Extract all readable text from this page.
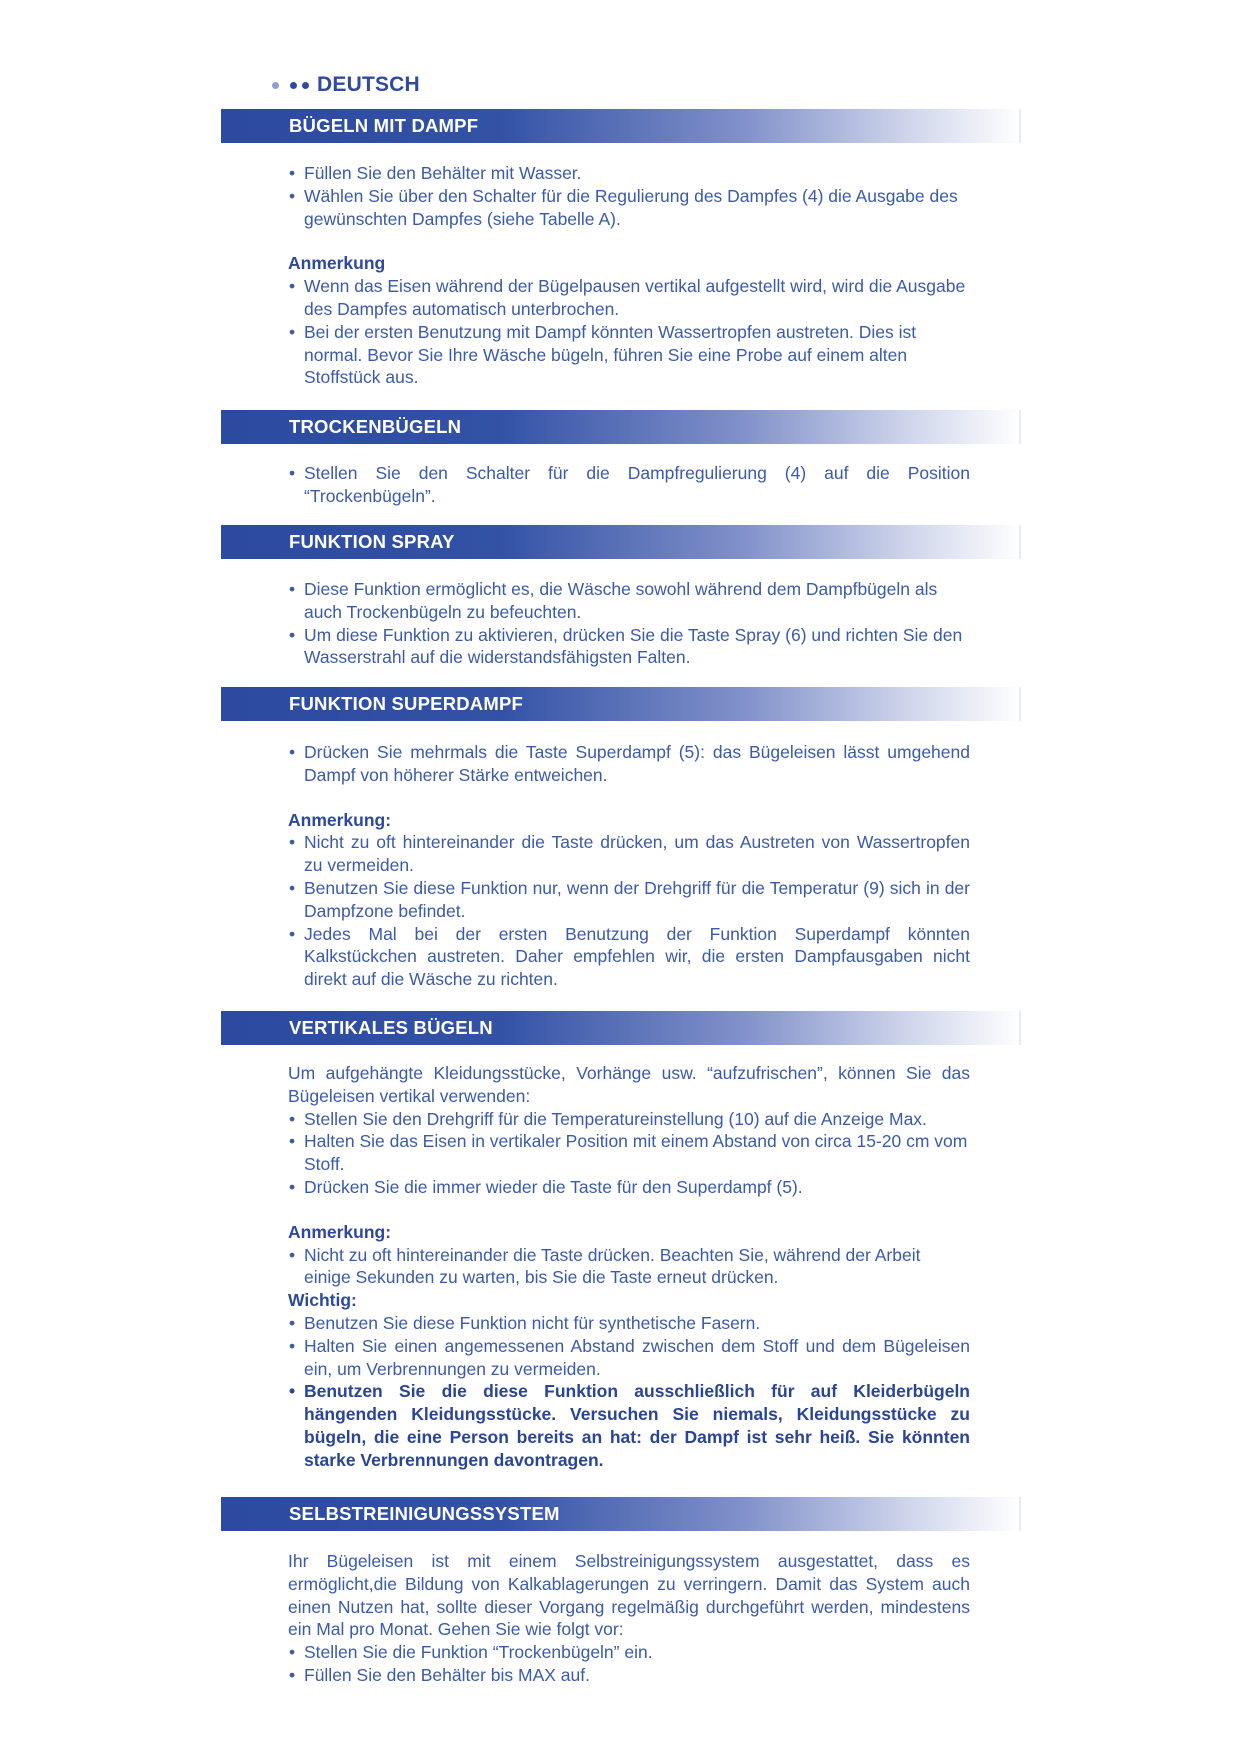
DEUTSCH
BÜGELN MIT DAMPF

• Füllen Sie den Behälter mit Wasser.

• Wählen Sie über den Schalter für die Regulierung des Dampfes (4) die Ausgabe des gewünschten Dampfes (siehe Tabelle A).

Anmerkung

• Wenn das Eisen während der Bügelpausen vertikal aufgestellt wird, wird die Ausgabe des Dampfes automatisch unterbrochen.

• Bei der ersten Benutzung mit Dampf könnten Wassertropfen austreten. Dies ist normal. Bevor Sie Ihre Wäsche bügeln, führen Sie eine Probe auf einem alten Stoffstück aus.

TROCKENBÜGELN

• Stellen Sie den Schalter für die Dampfregulierung (4) auf die Position “Trockenbügeln”.

FUNKTION SPRAY

• Diese Funktion ermöglicht es, die Wäsche sowohl während dem Dampfbügeln als auch Trockenbügeln zu befeuchten.

• Um diese Funktion zu aktivieren, drücken Sie die Taste Spray (6) und richten Sie den Wasserstrahl auf die widerstandsfähigsten Falten.

FUNKTION SUPERDAMPF

• Drücken Sie mehrmals die Taste Superdampf (5): das Bügeleisen lässt umgehend Dampf von höherer Stärke entweichen.

Anmerkung:

• Nicht zu oft hintereinander die Taste drücken, um das Austreten von Wassertropfen zu vermeiden.

• Benutzen Sie diese Funktion nur, wenn der Drehgriff für die Temperatur (9) sich in der Dampfzone befindet.

• Jedes Mal bei der ersten Benutzung der Funktion Superdampf könnten Kalkstückchen austreten. Daher empfehlen wir, die ersten Dampfausgaben nicht direkt auf die Wäsche zu richten.

VERTIKALES BÜGELN

Um aufgehängte Kleidungsstücke, Vorhänge usw. “aufzufrischen”, können Sie das Bügeleisen vertikal verwenden:

• Stellen Sie den Drehgriff für die Temperatureinstellung (10) auf die Anzeige Max.

• Halten Sie das Eisen in vertikaler Position mit einem Abstand von circa 15-20 cm vom Stoff.

• Drücken Sie die immer wieder die Taste für den Superdampf (5).

Anmerkung:

• Nicht zu oft hintereinander die Taste drücken. Beachten Sie, während der Arbeit einige Sekunden zu warten, bis Sie die Taste erneut drücken.

Wichtig:

• Benutzen Sie diese Funktion nicht für synthetische Fasern.

• Halten Sie einen angemessenen Abstand zwischen dem Stoff und dem Bügeleisen ein, um Verbrennungen zu vermeiden.

• Benutzen Sie die diese Funktion ausschließlich für auf Kleiderbügeln hängenden Kleidungsstücke. Versuchen Sie niemals, Kleidungsstücke zu bügeln, die eine Person bereits an hat: der Dampf ist sehr heiß. Sie könnten starke Verbrennungen davontragen.

SELBSTREINIGUNGSSYSTEM

Ihr Bügeleisen ist mit einem Selbstreinigungssystem ausgestattet, dass es ermöglicht,die Bildung von Kalkablagerungen zu verringern. Damit das System auch einen Nutzen hat, sollte dieser Vorgang regelmäßig durchgeführt werden, mindestens ein Mal pro Monat. Gehen Sie wie folgt vor:

• Stellen Sie die Funktion “Trockenbügeln” ein.

• Füllen Sie den Behälter bis MAX auf.
